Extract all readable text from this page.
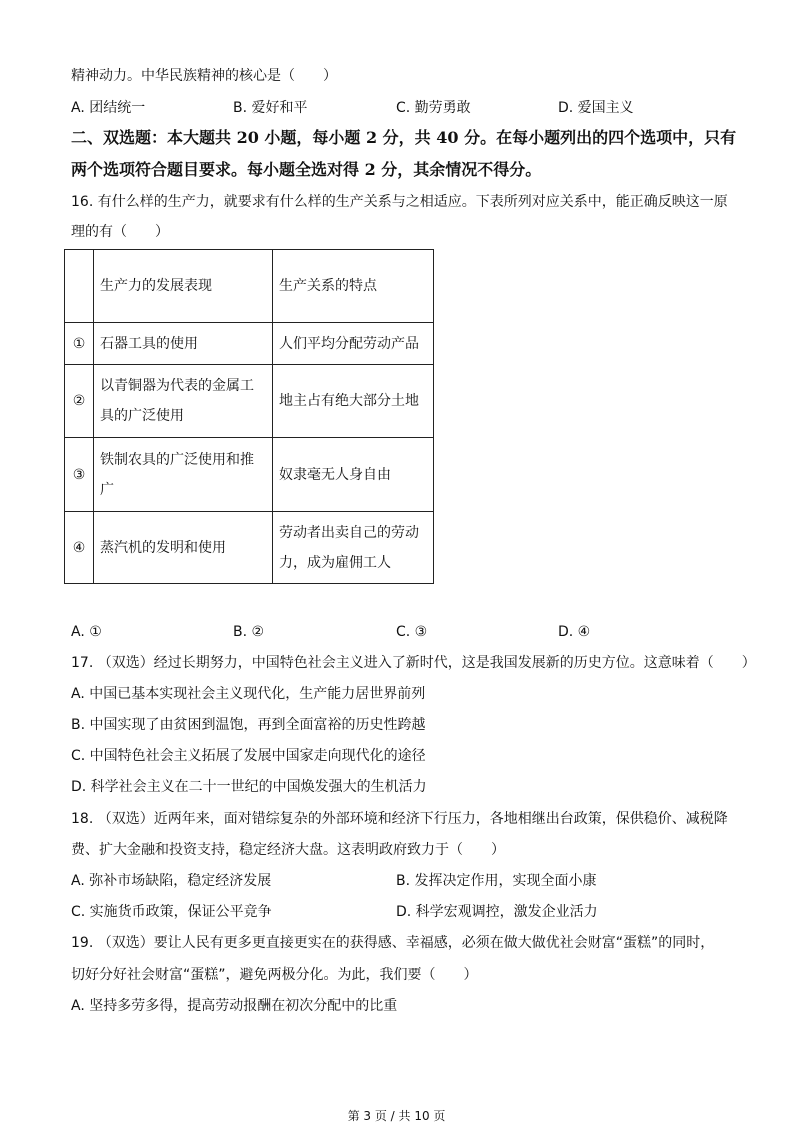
精神动力。中华民族精神的核心是（　　）
A. 团结统一	B. 爱好和平	C. 勤劳勇敢	D. 爱国主义
二、双选题：本大题共 20 小题，每小题 2 分，共 40 分。在每小题列出的四个选项中，只有
两个选项符合题目要求。每小题全选对得 2 分，其余情况不得分。
16. 有什么样的生产力，就要求有什么样的生产关系与之相适应。下表所列对应关系中，能正确反映这一原
理的有（　　）
	生产力的发展表现	生产关系的特点
①	石器工具的使用	人们平均分配劳动产品
②	以青铜器为代表的金属工具的广泛使用	地主占有绝大部分土地
③	铁制农具的广泛使用和推广	奴隶毫无人身自由
④	蒸汽机的发明和使用	劳动者出卖自己的劳动力，成为雇佣工人
A. ①	B. ②	C. ③	D. ④
17. （双选）经过长期努力，中国特色社会主义进入了新时代，这是我国发展新的历史方位。这意味着（　　）
A. 中国已基本实现社会主义现代化，生产能力居世界前列
B. 中国实现了由贫困到温饱，再到全面富裕的历史性跨越
C. 中国特色社会主义拓展了发展中国家走向现代化的途径
D. 科学社会主义在二十一世纪的中国焕发强大的生机活力
18. （双选）近两年来，面对错综复杂的外部环境和经济下行压力，各地相继出台政策，保供稳价、减税降
费、扩大金融和投资支持，稳定经济大盘。这表明政府致力于（　　）
A. 弥补市场缺陷，稳定经济发展	B. 发挥决定作用，实现全面小康
C. 实施货币政策，保证公平竞争	D. 科学宏观调控，激发企业活力
19. （双选）要让人民有更多更直接更实在的获得感、幸福感，必须在做大做优社会财富“蛋糕”的同时，
切好分好社会财富“蛋糕”，避免两极分化。为此，我们要（　　）
A. 坚持多劳多得，提高劳动报酬在初次分配中的比重
第 3 页 / 共 10 页
